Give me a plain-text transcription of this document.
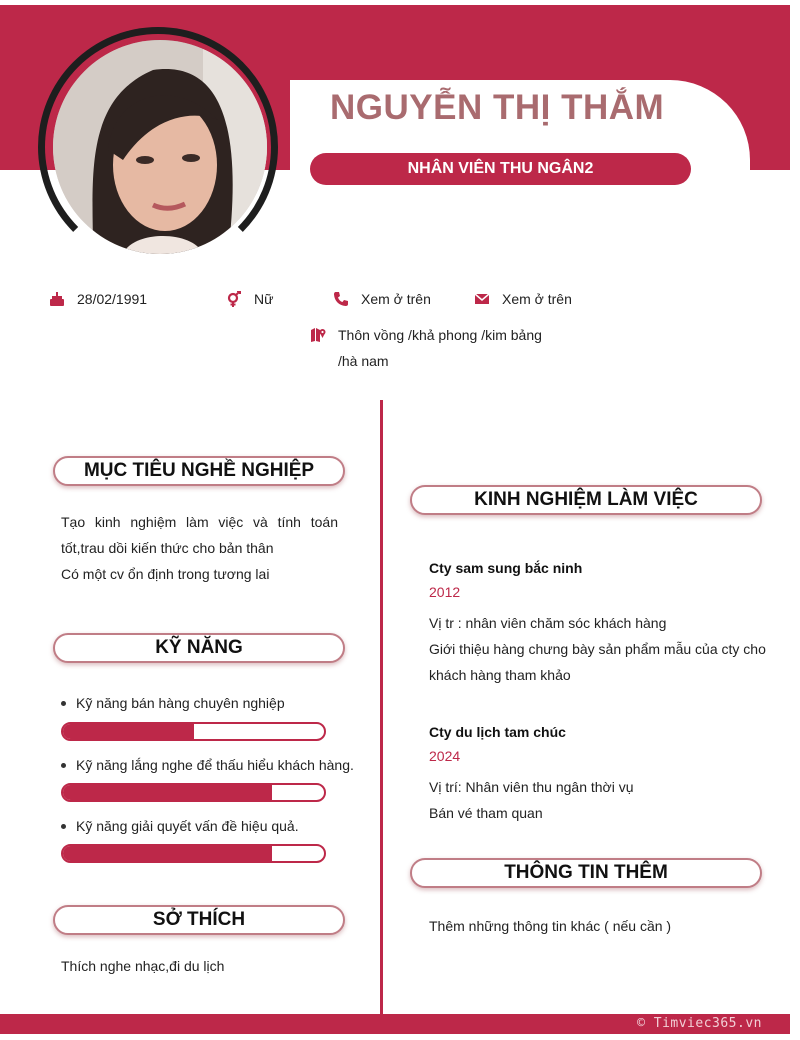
NGUYỄN THỊ THẮM
NHÂN VIÊN THU NGÂN2
28/02/1991	Nữ	Xem ở trên	Xem ở trên
Thôn vồng /khả phong /kim bảng
/hà nam
MỤC TIÊU NGHỀ NGHIỆP
Tạo kinh nghiệm làm việc và tính toán tốt,trau dồi kiến thức cho bản thân
Có một cv ổn định trong tương lai
KỸ NĂNG
Kỹ năng bán hàng chuyên nghiệp
Kỹ năng lắng nghe để thấu hiểu khách hàng.
Kỹ năng giải quyết vấn đề hiệu quả.
SỞ THÍCH
Thích nghe nhạc,đi du lịch
KINH NGHIỆM LÀM VIỆC
Cty sam sung bắc ninh
2012
Vị tr : nhân viên chăm sóc khách hàng
Giới thiệu hàng chưng bày sản phẩm mẫu của cty cho khách hàng tham khảo
Cty du lịch tam chúc
2024
Vị trí: Nhân viên thu ngân thời vụ
Bán vé tham quan
THÔNG TIN THÊM
Thêm những thông tin khác ( nếu cần )
© Timviec365.vn
